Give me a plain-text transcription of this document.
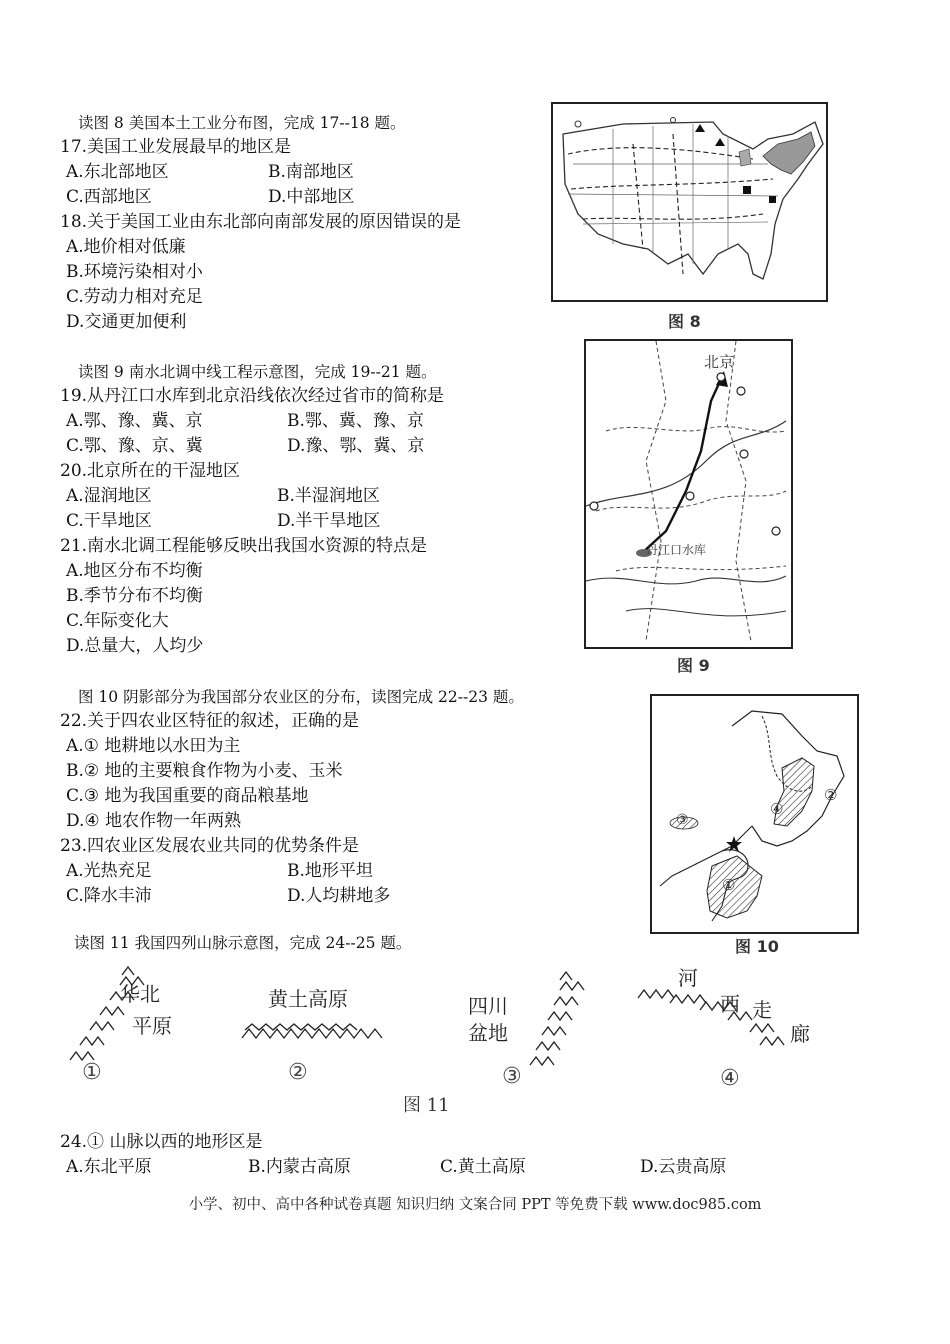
读图 8 美国本土工业分布图，完成 17--18 题。
17.美国工业发展最早的地区是
A.东北部地区	B.南部地区
C.西部地区	D.中部地区
18.关于美国工业由东北部向南部发展的原因错误的是
A.地价相对低廉
B.环境污染相对小
C.劳动力相对充足
D.交通更加便利	图 8
读图 9 南水北调中线工程示意图，完成 19--21 题。
19.从丹江口水库到北京沿线依次经过省市的简称是
A.鄂、豫、冀、京	B.鄂、冀、豫、京
C.鄂、豫、京、冀	D.豫、鄂、冀、京
20.北京所在的干湿地区
A.湿润地区	B.半湿润地区
C.干旱地区	D.半干旱地区
21.南水北调工程能够反映出我国水资源的特点是
A.地区分布不均衡
B.季节分布不均衡
C.年际变化大
D.总量大，人均少
北京
丹江口水库
图 9
图 10 阴影部分为我国部分农业区的分布，读图完成 22--23 题。
22.关于四农业区特征的叙述，正确的是
A.① 地耕地以水田为主
B.② 地的主要粮食作物为小麦、玉米
C.③ 地为我国重要的商品粮基地
D.④ 地农作物一年两熟
23.四农业区发展农业共同的优势条件是
A.光热充足	B.地形平坦
C.降水丰沛	D.人均耕地多
①
②
③
④
图 10
读图 11 我国四列山脉示意图，完成 24--25 题。
华北
平原
黄土高原	四川
盆地
河
西 走
廊
①	②	③	④
图 11
24.① 山脉以西的地形区是
A.东北平原	B.内蒙古高原	C.黄土高原	D.云贵高原
小学、初中、高中各种试卷真题 知识归纳 文案合同 PPT 等免费下载 www.doc985.com
